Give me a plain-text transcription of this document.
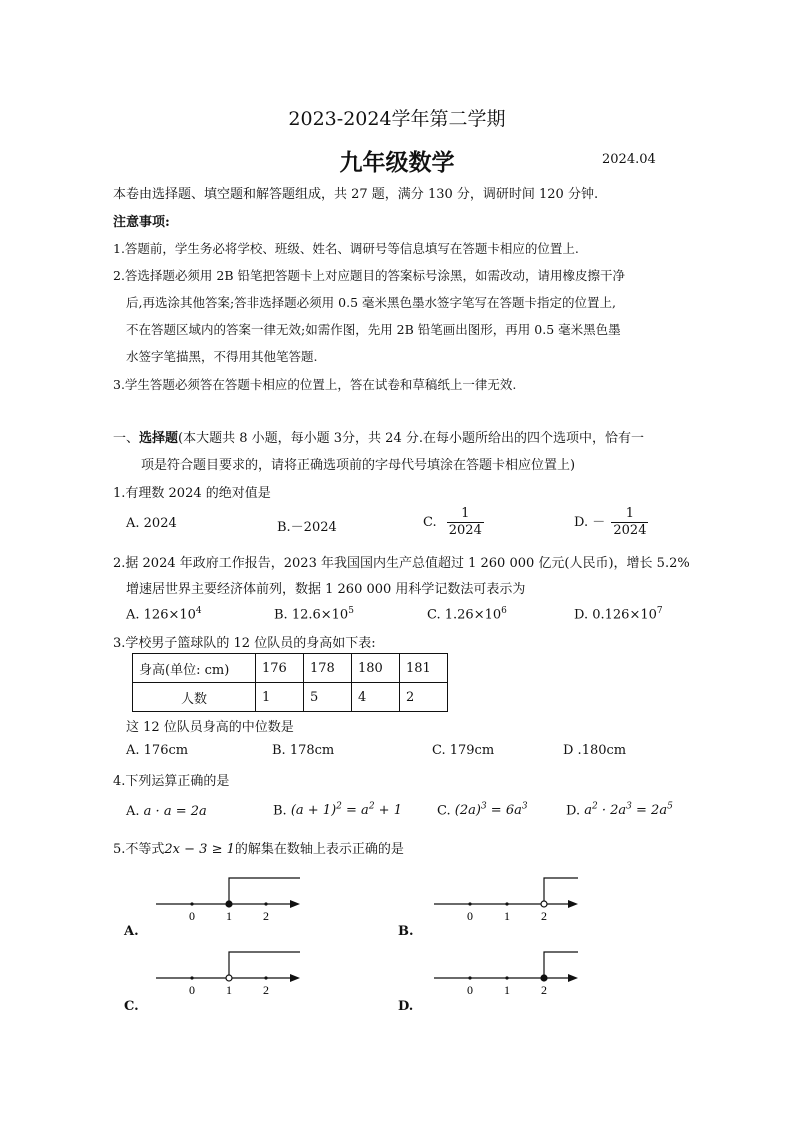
2023-2024学年第二学期
九年级数学	2024.04
本卷由选择题、填空题和解答题组成，共 27 题，满分 130 分，调研时间 120 分钟.
注意事项:
1.答题前，学生务必将学校、班级、姓名、调研号等信息填写在答题卡相应的位置上.
2.答选择题必须用 2B 铅笔把答题卡上对应题目的答案标号涂黑，如需改动，请用橡皮擦干净
后,再选涂其他答案;答非选择题必须用 0.5 毫米黑色墨水签字笔写在答题卡指定的位置上,
不在答题区域内的答案一律无效;如需作图，先用 2B 铅笔画出图形，再用 0.5 毫米黑色墨
水签字笔描黑，不得用其他笔答题.
3.学生答题必须答在答题卡相应的位置上，答在试卷和草稿纸上一律无效.
一、选择题(本大题共 8 小题，每小题 3分，共 24 分.在每小题所给出的四个选项中，恰有一
项是符合题目要求的，请将正确选项前的字母代号填涂在答题卡相应位置上)
1.有理数 2024 的绝对值是
A. 2024	B.－2024	C. $\frac{1}{2024}$	D. － $\frac{1}{2024}$
2.据 2024 年政府工作报告，2023 年我国国内生产总值超过 1 260 000 亿元(人民币)，增长 5.2%
增速居世界主要经济体前列，数据 1 260 000 用科学记数法可表示为
A. $126\times 10^4$	B. $12.6\times 10^5$	C. $1.26\times 10^6$	D. $0.126\times 10^7$
3.学校男子篮球队的 12 位队员的身高如下表:
身高(单位: cm)	176	178	180	181
人数	1	5	4	2
这 12 位队员身高的中位数是
A. 176cm	B. 178cm	C. 179cm	D .180cm
4.下列运算正确的是
A. a · a = 2a	B. $(a + 1)^2 = a^2 + 1$	C. $(2a)^3 = 6a^3$	D. $a^2 \cdot 2a^3 = 2a^5$
5.不等式2x − 3 ≥ 1的解集在数轴上表示正确的是
0	1	2
A.
0	1	2
B.
0	1	2
C.
0	1	2
D.
